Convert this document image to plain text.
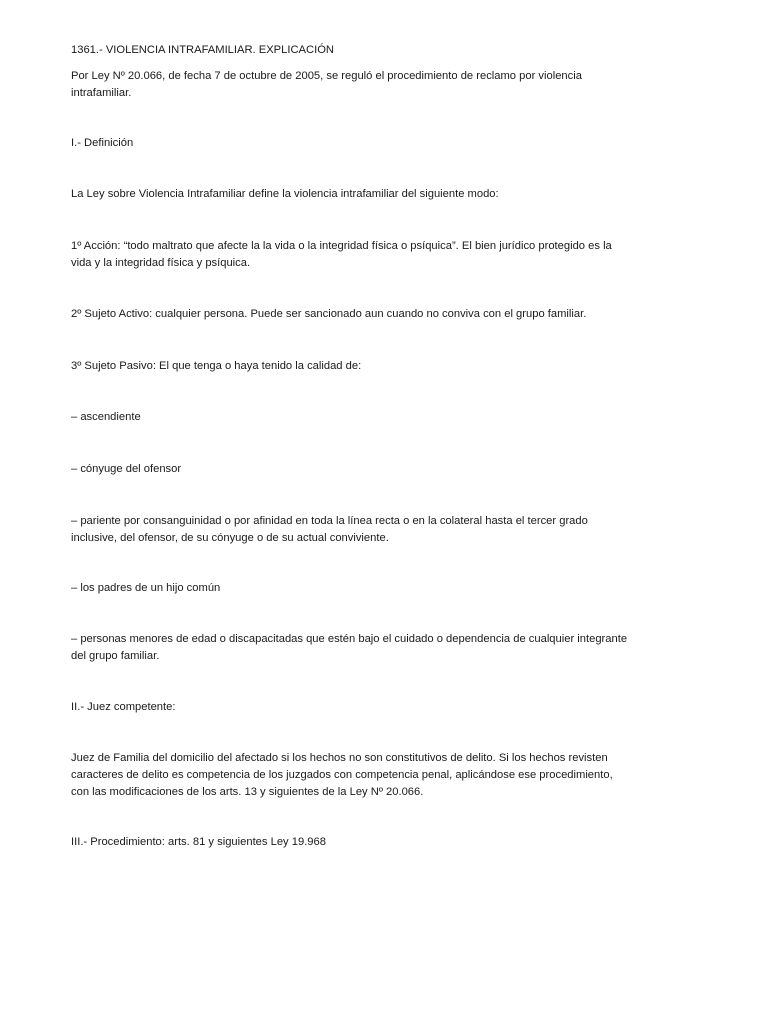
1361.- VIOLENCIA INTRAFAMILIAR. EXPLICACIÓN

Por Ley Nº 20.066, de fecha 7 de octubre de 2005, se reguló el procedimiento de reclamo por violencia
intrafamiliar.

I.- Definición

La Ley sobre Violencia Intrafamiliar define la violencia intrafamiliar del siguiente modo:

1º Acción: “todo maltrato que afecte la la vida o la integridad física o psíquica”. El bien jurídico protegido es la
vida y la integridad física y psíquica.

2º Sujeto Activo: cualquier persona. Puede ser sancionado aun cuando no conviva con el grupo familiar.

3º Sujeto Pasivo: El que tenga o haya tenido la calidad de:

– ascendiente

– cónyuge del ofensor

– pariente por consanguinidad o por afinidad en toda la línea recta o en la colateral hasta el tercer grado
inclusive, del ofensor, de su cónyuge o de su actual conviviente.

– los padres de un hijo común

– personas menores de edad o discapacitadas que estén bajo el cuidado o dependencia de cualquier integrante
del grupo familiar.

II.- Juez competente:

Juez de Familia del domicilio del afectado si los hechos no son constitutivos de delito. Si los hechos revisten
caracteres de delito es competencia de los juzgados con competencia penal, aplicándose ese procedimiento,
con las modificaciones de los arts. 13 y siguientes de la Ley Nº 20.066.

III.- Procedimiento: arts. 81 y siguientes Ley 19.968
